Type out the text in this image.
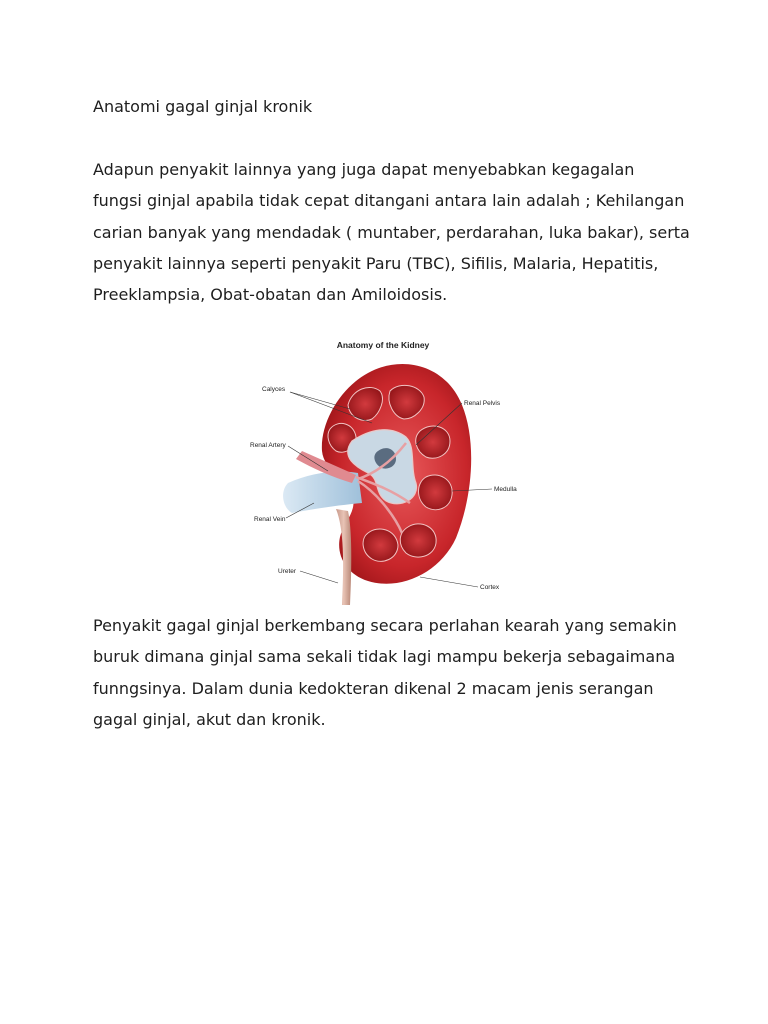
Anatomi gagal ginjal kronik

Adapun penyakit lainnya yang juga dapat menyebabkan kegagalan
fungsi ginjal apabila tidak cepat ditangani antara lain adalah ; Kehilangan
carian banyak yang mendadak ( muntaber, perdarahan, luka bakar), serta
penyakit lainnya seperti penyakit Paru (TBC), Sifilis, Malaria, Hepatitis,
Preeklampsia, Obat-obatan dan Amiloidosis.

Anatomy of the Kidney
Calyces
Renal Pelvis
Renal Artery
Medulla
Renal Vein
Ureter
Cortex

Penyakit gagal ginjal berkembang secara perlahan kearah yang semakin
buruk dimana ginjal sama sekali tidak lagi mampu bekerja sebagaimana
funngsinya. Dalam dunia kedokteran dikenal 2 macam jenis serangan
gagal ginjal, akut dan kronik.
